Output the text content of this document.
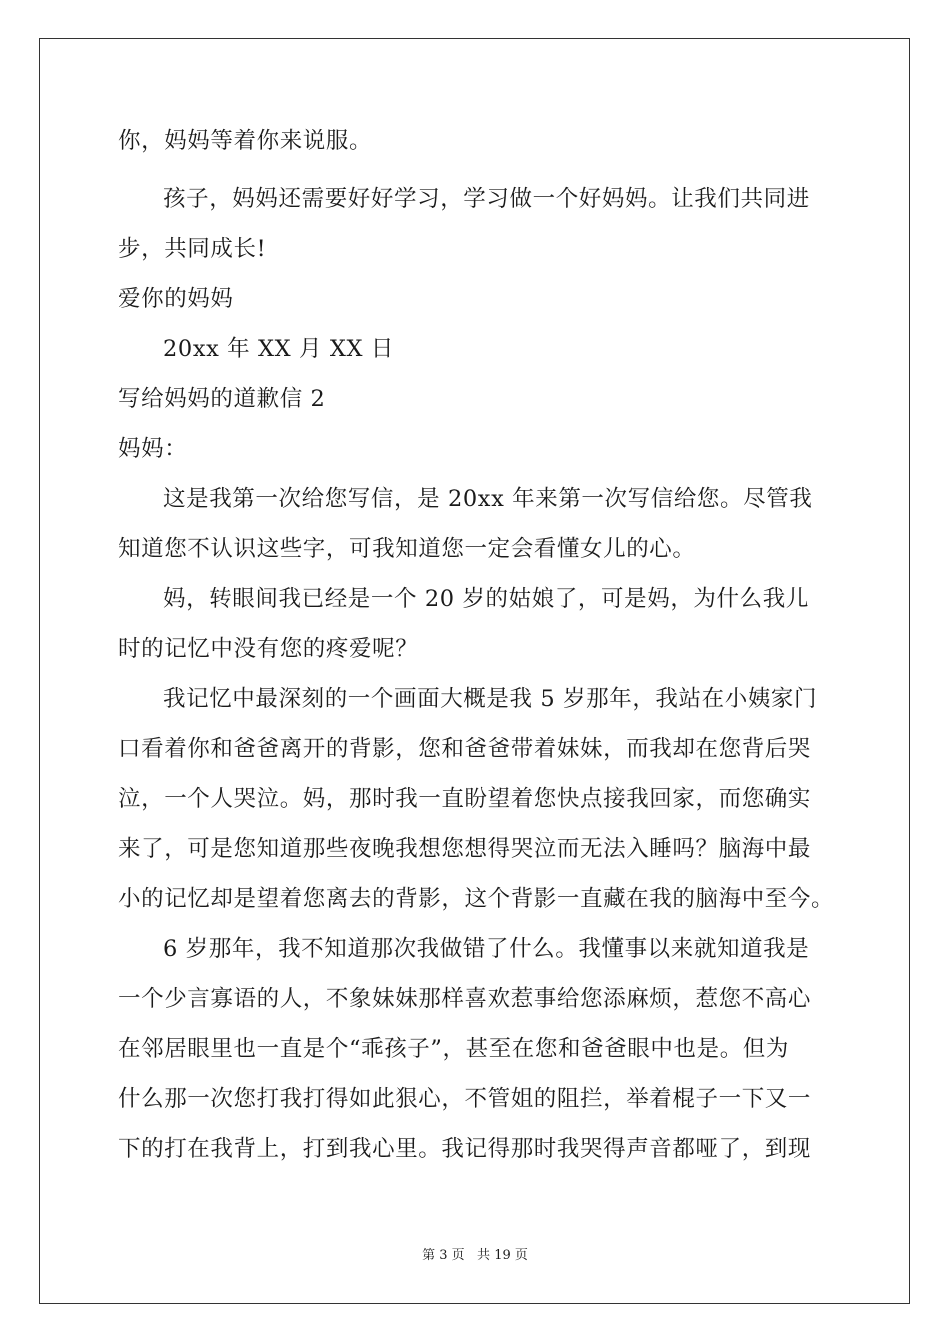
你，妈妈等着你来说服。
孩子，妈妈还需要好好学习，学习做一个好妈妈。让我们共同进
步，共同成长!
爱你的妈妈
20xx 年 XX 月 XX 日
写给妈妈的道歉信 2
妈妈：
这是我第一次给您写信，是 20xx 年来第一次写信给您。尽管我
知道您不认识这些字，可我知道您一定会看懂女儿的心。
妈，转眼间我已经是一个 20 岁的姑娘了，可是妈，为什么我儿
时的记忆中没有您的疼爱呢？
我记忆中最深刻的一个画面大概是我 5 岁那年，我站在小姨家门
口看着你和爸爸离开的背影，您和爸爸带着妹妹，而我却在您背后哭
泣，一个人哭泣。妈，那时我一直盼望着您快点接我回家，而您确实
来了，可是您知道那些夜晚我想您想得哭泣而无法入睡吗？脑海中最
小的记忆却是望着您离去的背影，这个背影一直藏在我的脑海中至今。
6 岁那年，我不知道那次我做错了什么。我懂事以来就知道我是
一个少言寡语的人，不象妹妹那样喜欢惹事给您添麻烦，惹您不高心
在邻居眼里也一直是个“乖孩子”，甚至在您和爸爸眼中也是。但为
什么那一次您打我打得如此狠心，不管姐的阻拦，举着棍子一下又一
下的打在我背上，打到我心里。我记得那时我哭得声音都哑了，到现
第 3 页   共 19 页
